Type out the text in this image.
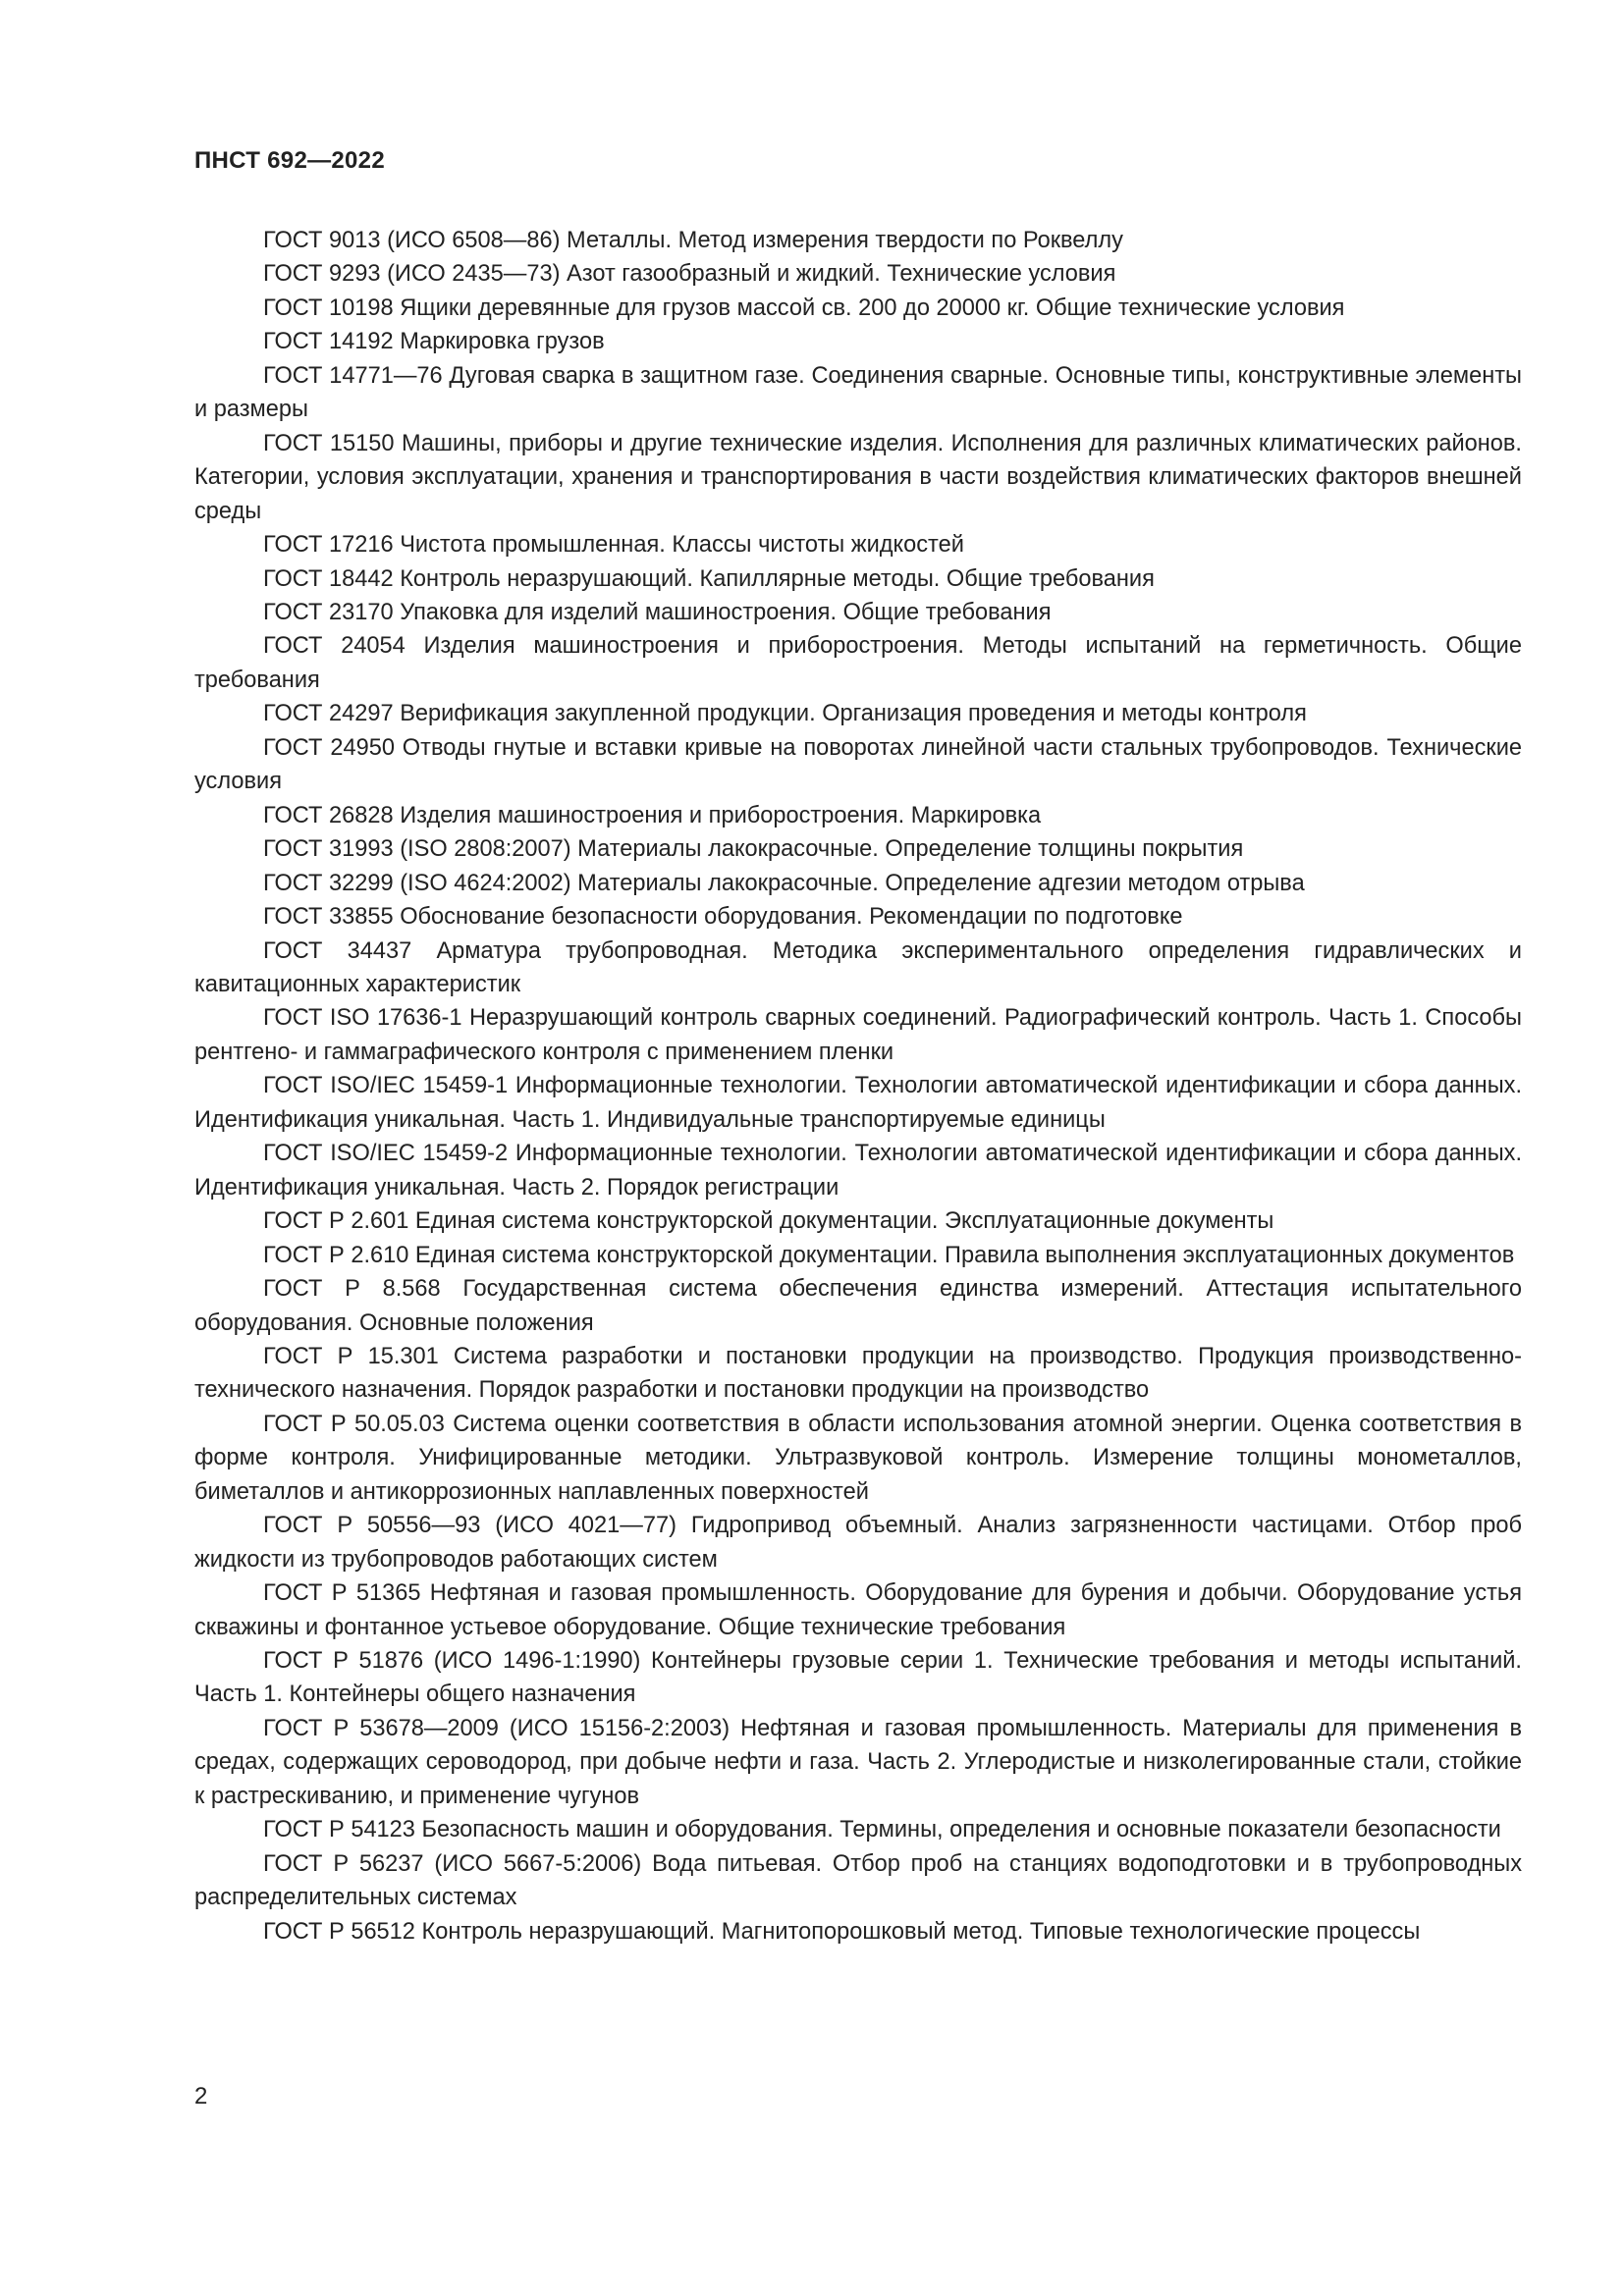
ПНСТ 692—2022
ГОСТ 9013 (ИСО 6508—86) Металлы. Метод измерения твердости по Роквеллу
ГОСТ 9293 (ИСО 2435—73) Азот газообразный и жидкий. Технические условия
ГОСТ 10198 Ящики деревянные для грузов массой св. 200 до 20000 кг. Общие технические условия
ГОСТ 14192 Маркировка грузов
ГОСТ 14771—76 Дуговая сварка в защитном газе. Соединения сварные. Основные типы, конструктивные элементы и размеры
ГОСТ 15150 Машины, приборы и другие технические изделия. Исполнения для различных климатических районов. Категории, условия эксплуатации, хранения и транспортирования в части воздействия климатических факторов внешней среды
ГОСТ 17216 Чистота промышленная. Классы чистоты жидкостей
ГОСТ 18442 Контроль неразрушающий. Капиллярные методы. Общие требования
ГОСТ 23170 Упаковка для изделий машиностроения. Общие требования
ГОСТ 24054 Изделия машиностроения и приборостроения. Методы испытаний на герметичность. Общие требования
ГОСТ 24297 Верификация закупленной продукции. Организация проведения и методы контроля
ГОСТ 24950 Отводы гнутые и вставки кривые на поворотах линейной части стальных трубопроводов. Технические условия
ГОСТ 26828 Изделия машиностроения и приборостроения. Маркировка
ГОСТ 31993 (ISO 2808:2007) Материалы лакокрасочные. Определение толщины покрытия
ГОСТ 32299 (ISO 4624:2002) Материалы лакокрасочные. Определение адгезии методом отрыва
ГОСТ 33855 Обоснование безопасности оборудования. Рекомендации по подготовке
ГОСТ 34437 Арматура трубопроводная. Методика экспериментального определения гидравлических и кавитационных характеристик
ГОСТ ISO 17636-1 Неразрушающий контроль сварных соединений. Радиографический контроль. Часть 1. Способы рентгено- и гаммаграфического контроля с применением пленки
ГОСТ ISO/IEC 15459-1 Информационные технологии. Технологии автоматической идентификации и сбора данных. Идентификация уникальная. Часть 1. Индивидуальные транспортируемые единицы
ГОСТ ISO/IEC 15459-2 Информационные технологии. Технологии автоматической идентификации и сбора данных. Идентификация уникальная. Часть 2. Порядок регистрации
ГОСТ Р 2.601 Единая система конструкторской документации. Эксплуатационные документы
ГОСТ Р 2.610 Единая система конструкторской документации. Правила выполнения эксплуатационных документов
ГОСТ Р 8.568 Государственная система обеспечения единства измерений. Аттестация испытательного оборудования. Основные положения
ГОСТ Р 15.301 Система разработки и постановки продукции на производство. Продукция производственно-технического назначения. Порядок разработки и постановки продукции на производство
ГОСТ Р 50.05.03 Система оценки соответствия в области использования атомной энергии. Оценка соответствия в форме контроля. Унифицированные методики. Ультразвуковой контроль. Измерение толщины монометаллов, биметаллов и антикоррозионных наплавленных поверхностей
ГОСТ Р 50556—93 (ИСО 4021—77) Гидропривод объемный. Анализ загрязненности частицами. Отбор проб жидкости из трубопроводов работающих систем
ГОСТ Р 51365 Нефтяная и газовая промышленность. Оборудование для бурения и добычи. Оборудование устья скважины и фонтанное устьевое оборудование. Общие технические требования
ГОСТ Р 51876 (ИСО 1496-1:1990) Контейнеры грузовые серии 1. Технические требования и методы испытаний. Часть 1. Контейнеры общего назначения
ГОСТ Р 53678—2009 (ИСО 15156-2:2003) Нефтяная и газовая промышленность. Материалы для применения в средах, содержащих сероводород, при добыче нефти и газа. Часть 2. Углеродистые и низколегированные стали, стойкие к растрескиванию, и применение чугунов
ГОСТ Р 54123 Безопасность машин и оборудования. Термины, определения и основные показатели безопасности
ГОСТ Р 56237 (ИСО 5667-5:2006) Вода питьевая. Отбор проб на станциях водоподготовки и в трубопроводных распределительных системах
ГОСТ Р 56512 Контроль неразрушающий. Магнитопорошковый метод. Типовые технологические процессы
2
